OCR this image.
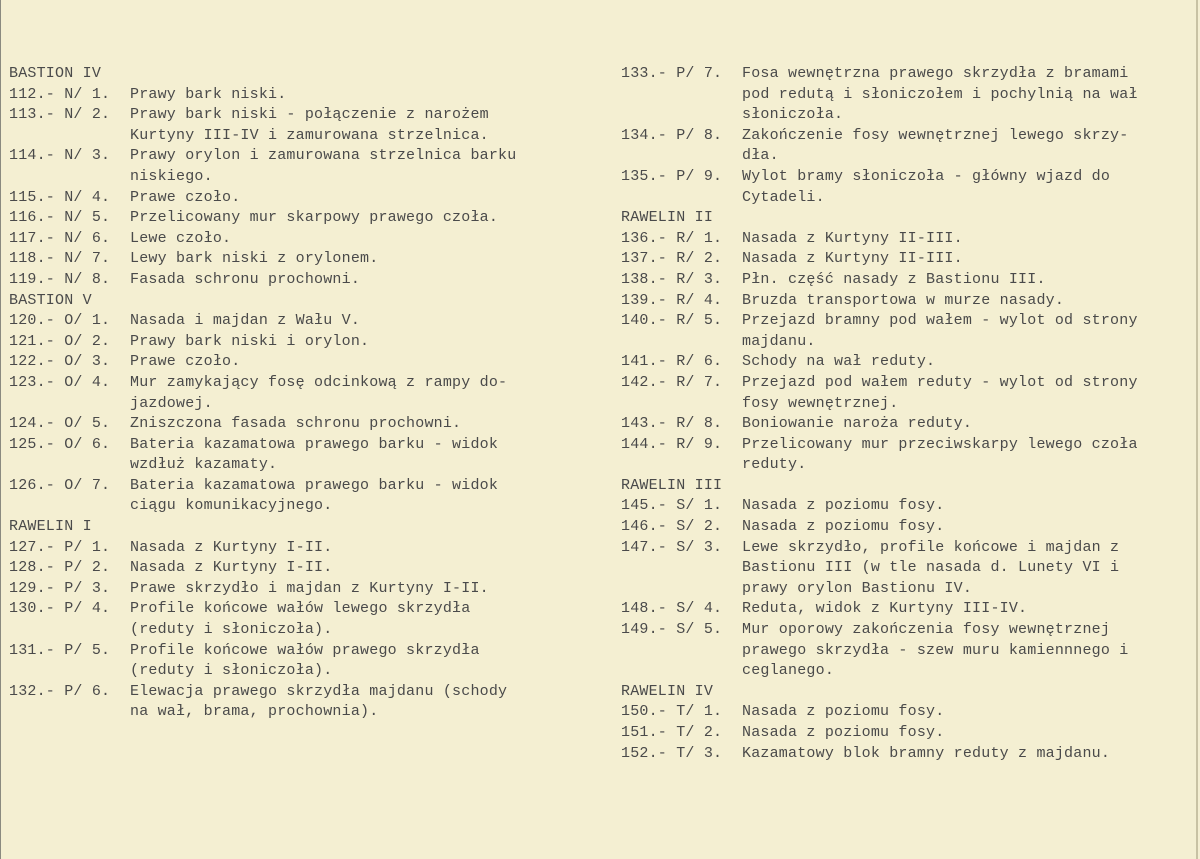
BASTION IV
112.- N/ 1.	Prawy bark niski.
113.- N/ 2.	Prawy bark niski - połączenie z narożem
Kurtyny III-IV i zamurowana strzelnica.
114.- N/ 3.	Prawy orylon i zamurowana strzelnica barku
niskiego.
115.- N/ 4.	Prawe czoło.
116.- N/ 5.	Przelicowany mur skarpowy prawego czoła.
117.- N/ 6.	Lewe czoło.
118.- N/ 7.	Lewy bark niski z orylonem.
119.- N/ 8.	Fasada schronu prochowni.
BASTION V
120.- O/ 1.	Nasada i majdan z Wału V.
121.- O/ 2.	Prawy bark niski i orylon.
122.- O/ 3.	Prawe czoło.
123.- O/ 4.	Mur zamykający fosę odcinkową z rampy do-
jazdowej.
124.- O/ 5.	Zniszczona fasada schronu prochowni.
125.- O/ 6.	Bateria kazamatowa prawego barku - widok
wzdłuż kazamaty.
126.- O/ 7.	Bateria kazamatowa prawego barku - widok
ciągu komunikacyjnego.
RAWELIN I
127.- P/ 1.	Nasada z Kurtyny I-II.
128.- P/ 2.	Nasada z Kurtyny I-II.
129.- P/ 3.	Prawe skrzydło i majdan z Kurtyny I-II.
130.- P/ 4.	Profile końcowe wałów lewego skrzydła
(reduty i słoniczoła).
131.- P/ 5.	Profile końcowe wałów prawego skrzydła
(reduty i słoniczoła).
132.- P/ 6.	Elewacja prawego skrzydła majdanu (schody
na wał, brama, prochownia).
133.- P/ 7.	Fosa wewnętrzna prawego skrzydła z bramami
pod redutą i słoniczołem i pochylnią na wał
słoniczoła.
134.- P/ 8.	Zakończenie fosy wewnętrznej lewego skrzy-
dła.
135.- P/ 9.	Wylot bramy słoniczoła - główny wjazd do
Cytadeli.
RAWELIN II
136.- R/ 1.	Nasada z Kurtyny II-III.
137.- R/ 2.	Nasada z Kurtyny II-III.
138.- R/ 3.	Płn. część nasady z Bastionu III.
139.- R/ 4.	Bruzda transportowa w murze nasady.
140.- R/ 5.	Przejazd bramny pod wałem - wylot od strony
majdanu.
141.- R/ 6.	Schody na wał reduty.
142.- R/ 7.	Przejazd pod wałem reduty - wylot od strony
fosy wewnętrznej.
143.- R/ 8.	Boniowanie naroża reduty.
144.- R/ 9.	Przelicowany mur przeciwskarpy lewego czoła
reduty.
RAWELIN III
145.- S/ 1.	Nasada z poziomu fosy.
146.- S/ 2.	Nasada z poziomu fosy.
147.- S/ 3.	Lewe skrzydło, profile końcowe i majdan z
Bastionu III (w tle nasada d. Lunety VI i
prawy orylon Bastionu IV.
148.- S/ 4.	Reduta, widok z Kurtyny III-IV.
149.- S/ 5.	Mur oporowy zakończenia fosy wewnętrznej
prawego skrzydła - szew muru kamiennnego i
ceglanego.
RAWELIN IV
150.- T/ 1.	Nasada z poziomu fosy.
151.- T/ 2.	Nasada z poziomu fosy.
152.- T/ 3.	Kazamatowy blok bramny reduty z majdanu.
